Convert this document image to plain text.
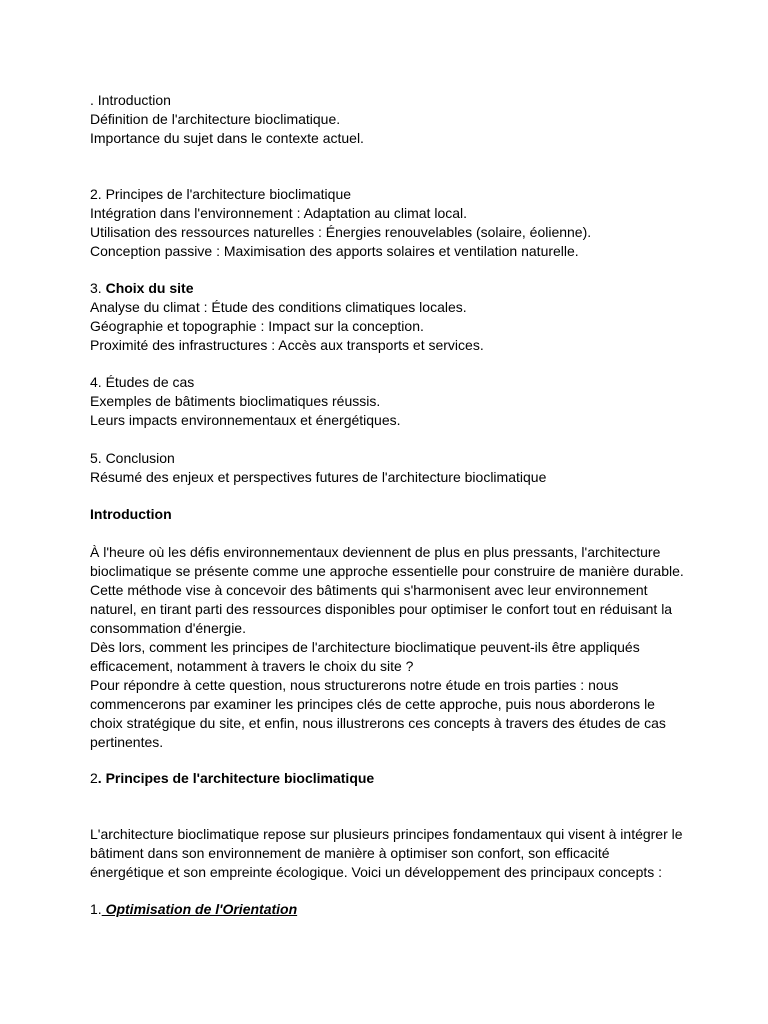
. Introduction
Définition de l'architecture bioclimatique.
Importance du sujet dans le contexte actuel.
2. Principes de l'architecture bioclimatique
Intégration dans l'environnement : Adaptation au climat local.
Utilisation des ressources naturelles : Énergies renouvelables (solaire, éolienne).
Conception passive : Maximisation des apports solaires et ventilation naturelle.
3. Choix du site
Analyse du climat : Étude des conditions climatiques locales.
Géographie et topographie : Impact sur la conception.
Proximité des infrastructures : Accès aux transports et services.
4. Études de cas
Exemples de bâtiments bioclimatiques réussis.
Leurs impacts environnementaux et énergétiques.
5. Conclusion
Résumé des enjeux et perspectives futures de l'architecture bioclimatique
Introduction
À l'heure où les défis environnementaux deviennent de plus en plus pressants, l'architecture
bioclimatique se présente comme une approche essentielle pour construire de manière durable.
Cette méthode vise à concevoir des bâtiments qui s'harmonisent avec leur environnement
naturel, en tirant parti des ressources disponibles pour optimiser le confort tout en réduisant la
consommation d'énergie.
Dès lors, comment les principes de l'architecture bioclimatique peuvent-ils être appliqués
efficacement, notamment à travers le choix du site ?
Pour répondre à cette question, nous structurerons notre étude en trois parties : nous
commencerons par examiner les principes clés de cette approche, puis nous aborderons le
choix stratégique du site, et enfin, nous illustrerons ces concepts à travers des études de cas
pertinentes.
2. Principes de l'architecture bioclimatique
L'architecture bioclimatique repose sur plusieurs principes fondamentaux qui visent à intégrer le
bâtiment dans son environnement de manière à optimiser son confort, son efficacité
énergétique et son empreinte écologique. Voici un développement des principaux concepts :
1. Optimisation de l'Orientation
